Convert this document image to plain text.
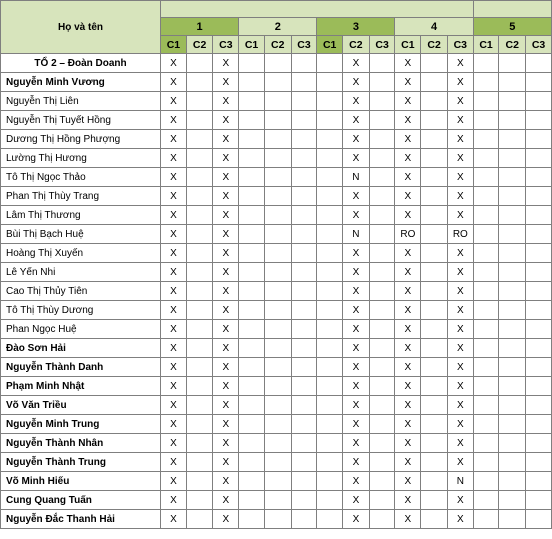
Họ và tên															
	1			2			3			4			5		
	C1	C2	C3	C1	C2	C3	C1	C2	C3	C1	C2	C3	C1	C2	C3
TỔ 2 – Đoàn Doanh	X		X					X		X		X			
Nguyễn Minh Vương	X		X					X		X		X			
Nguyễn Thị Liên	X		X					X		X		X			
Nguyễn Thị Tuyết Hồng	X		X					X		X		X			
Dương Thị Hồng Phượng	X		X					X		X		X			
Lường Thị Hương	X		X					X		X		X			
Tô Thị Ngọc Thảo	X		X					N		X		X			
Phan Thị Thùy Trang	X		X					X		X		X			
Lâm Thị Thương	X		X					X		X		X			
Bùi Thị Bạch Huệ	X		X					N		RO		RO			
Hoàng Thị Xuyến	X		X					X		X		X			
Lê Yến Nhi	X		X					X		X		X			
Cao Thị Thủy Tiên	X		X					X		X		X			
Tô Thị Thùy Dương	X		X					X		X		X			
Phan Ngọc Huệ	X		X					X		X		X			
Đào Sơn Hải	X		X					X		X		X			
Nguyễn Thành Danh	X		X					X		X		X			
Phạm Minh Nhật	X		X					X		X		X			
Võ Văn Triều	X		X					X		X		X			
Nguyễn Minh Trung	X		X					X		X		X			
Nguyễn Thành Nhân	X		X					X		X		X			
Nguyễn Thành Trung	X		X					X		X		X			
Võ Minh Hiếu	X		X					X		X		N			
Cung Quang Tuấn	X		X					X		X		X			
Nguyễn Đắc Thanh Hải	X		X					X		X		X			
